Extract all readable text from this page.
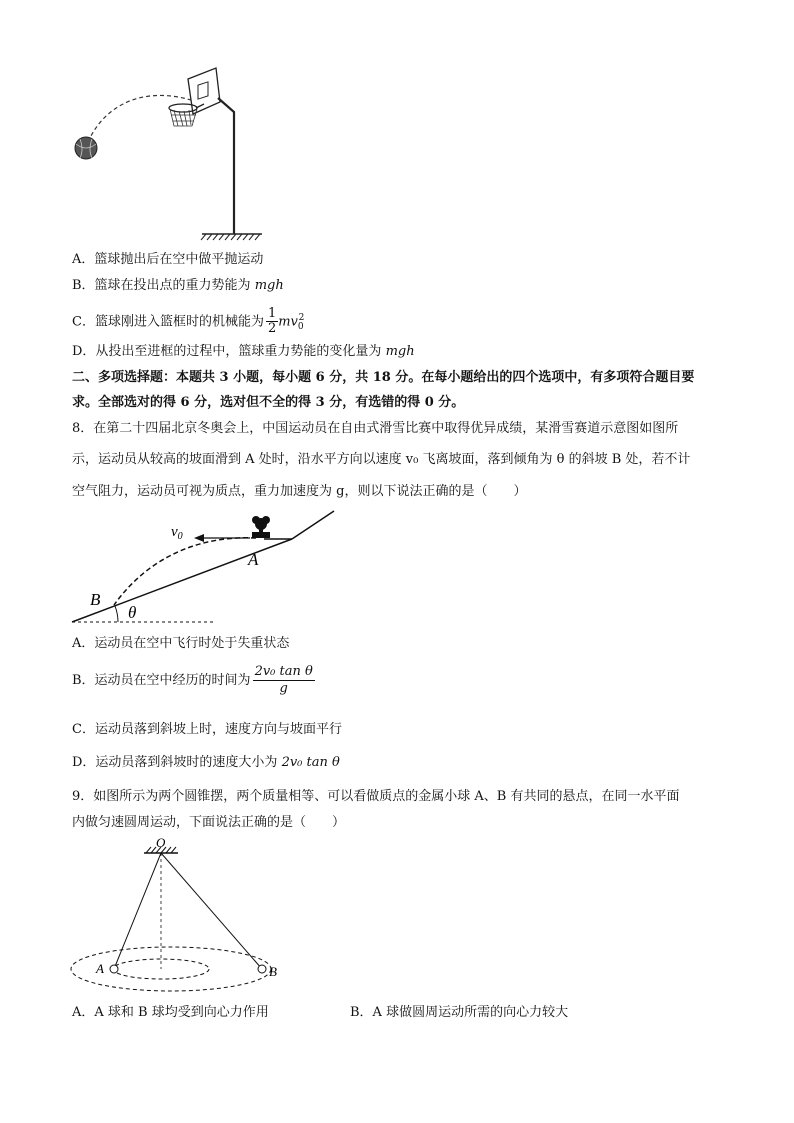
A．篮球抛出后在空中做平抛运动
B．篮球在投出点的重力势能为 mgh
C．篮球刚进入篮框时的机械能为 $\frac{1}{2} mv_0^2$
D．从投出至进框的过程中，篮球重力势能的变化量为 mgh
二、多项选择题：本题共 3 小题，每小题 6 分，共 18 分。在每小题给出的四个选项中，有多项符合题目要
求。全部选对的得 6 分，选对但不全的得 3 分，有选错的得 0 分。
8．在第二十四届北京冬奥会上，中国运动员在自由式滑雪比赛中取得优异成绩，某滑雪赛道示意图如图所
示，运动员从较高的坡面滑到 A 处时，沿水平方向以速度 v₀ 飞离坡面，落到倾角为 θ 的斜坡 B 处，若不计
空气阻力，运动员可视为质点，重力加速度为 g，则以下说法正确的是（　　）
$v_0$
A
B
θ
A．运动员在空中飞行时处于失重状态
B．运动员在空中经历的时间为 $\frac{\text{2v₀ tan θ}}{g}$
C．运动员落到斜坡上时，速度方向与坡面平行
D．运动员落到斜坡时的速度大小为 2v₀ tan θ
9．如图所示为两个圆锥摆，两个质量相等、可以看做质点的金属小球 A、B 有共同的悬点，在同一水平面
内做匀速圆周运动，下面说法正确的是（　　）
O
A	B
A．A 球和 B 球均受到向心力作用	B．A 球做圆周运动所需的向心力较大
